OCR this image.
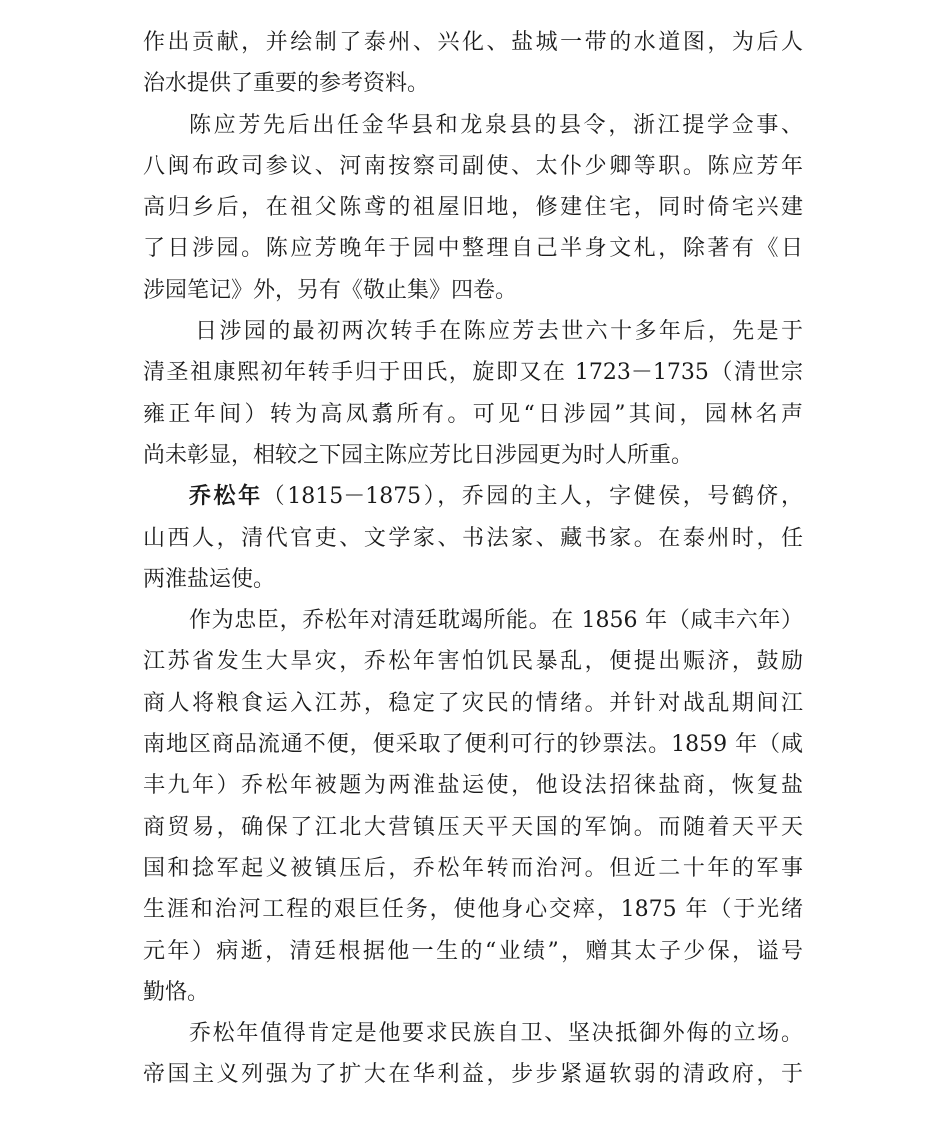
作出贡献，并绘制了泰州、兴化、盐城一带的水道图，为后人
治水提供了重要的参考资料。
陈应芳先后出任金华县和龙泉县的县令，浙江提学佥事、
八闽布政司参议、河南按察司副使、太仆少卿等职。陈应芳年
高归乡后，在祖父陈鸢的祖屋旧地，修建住宅，同时倚宅兴建
了日涉园。陈应芳晚年于园中整理自己半身文札，除著有《日
涉园笔记》外，另有《敬止集》四卷。
日涉园的最初两次转手在陈应芳去世六十多年后，先是于
清圣祖康熙初年转手归于田氏，旋即又在 1723－1735（清世宗
雍正年间）转为高凤翥所有。可见“日涉园”其间，园林名声
尚未彰显，相较之下园主陈应芳比日涉园更为时人所重。
乔松年（1815－1875），乔园的主人，字健侯，号鹤侪，
山西人，清代官吏、文学家、书法家、藏书家。在泰州时，任
两淮盐运使。
作为忠臣，乔松年对清廷耽竭所能。在 1856 年（咸丰六年）
江苏省发生大旱灾，乔松年害怕饥民暴乱，便提出赈济，鼓励
商人将粮食运入江苏，稳定了灾民的情绪。并针对战乱期间江
南地区商品流通不便，便采取了便利可行的钞票法。1859 年（咸
丰九年）乔松年被题为两淮盐运使，他设法招徕盐商，恢复盐
商贸易，确保了江北大营镇压天平天国的军饷。而随着天平天
国和捻军起义被镇压后，乔松年转而治河。但近二十年的军事
生涯和治河工程的艰巨任务，使他身心交瘁，1875 年（于光绪
元年）病逝，清廷根据他一生的“业绩”，赠其太子少保，谥号
勤恪。
乔松年值得肯定是他要求民族自卫、坚决抵御外侮的立场。
帝国主义列强为了扩大在华利益，步步紧逼软弱的清政府，于
